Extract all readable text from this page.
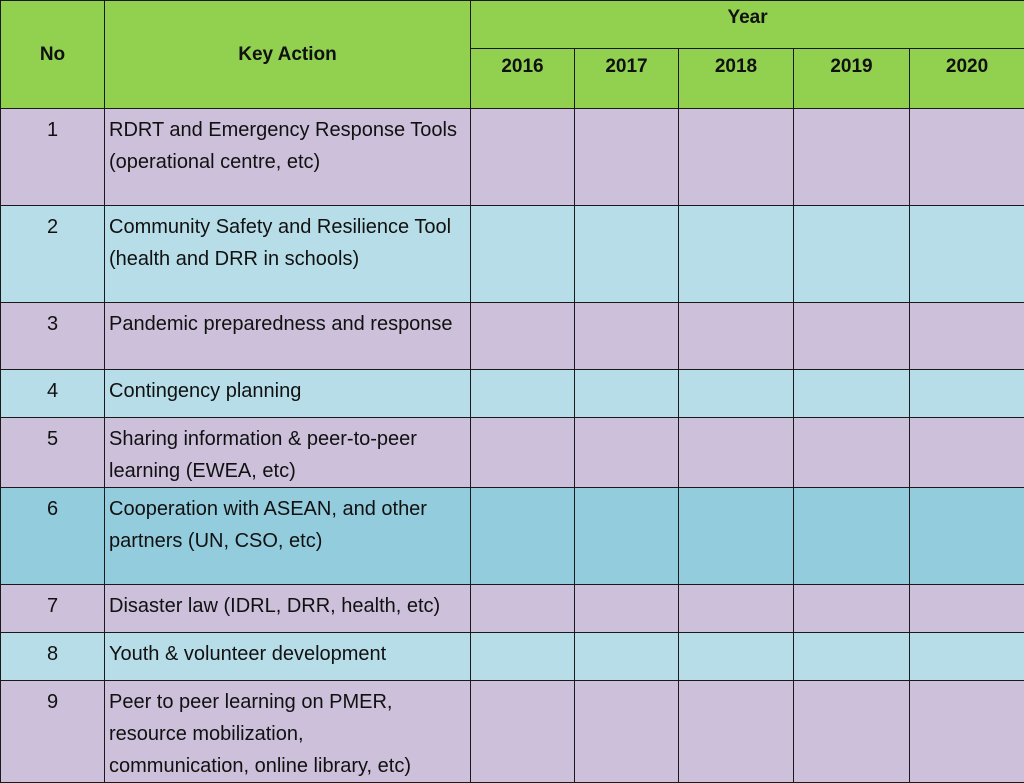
No	Key Action	Year				
		2016	2017	2018	2019	2020
1	RDRT and Emergency Response Tools
(operational centre, etc)					
2	Community Safety and Resilience Tool
(health and DRR in schools)					
3	Pandemic preparedness and response					
4	Contingency planning					
5	Sharing information & peer-to-peer
learning (EWEA, etc)					
6	Cooperation with ASEAN, and other
partners (UN, CSO, etc)					
7	Disaster law (IDRL, DRR, health, etc)					
8	Youth & volunteer development					
9	Peer to peer learning on PMER,
resource mobilization,
communication, online library, etc)					
